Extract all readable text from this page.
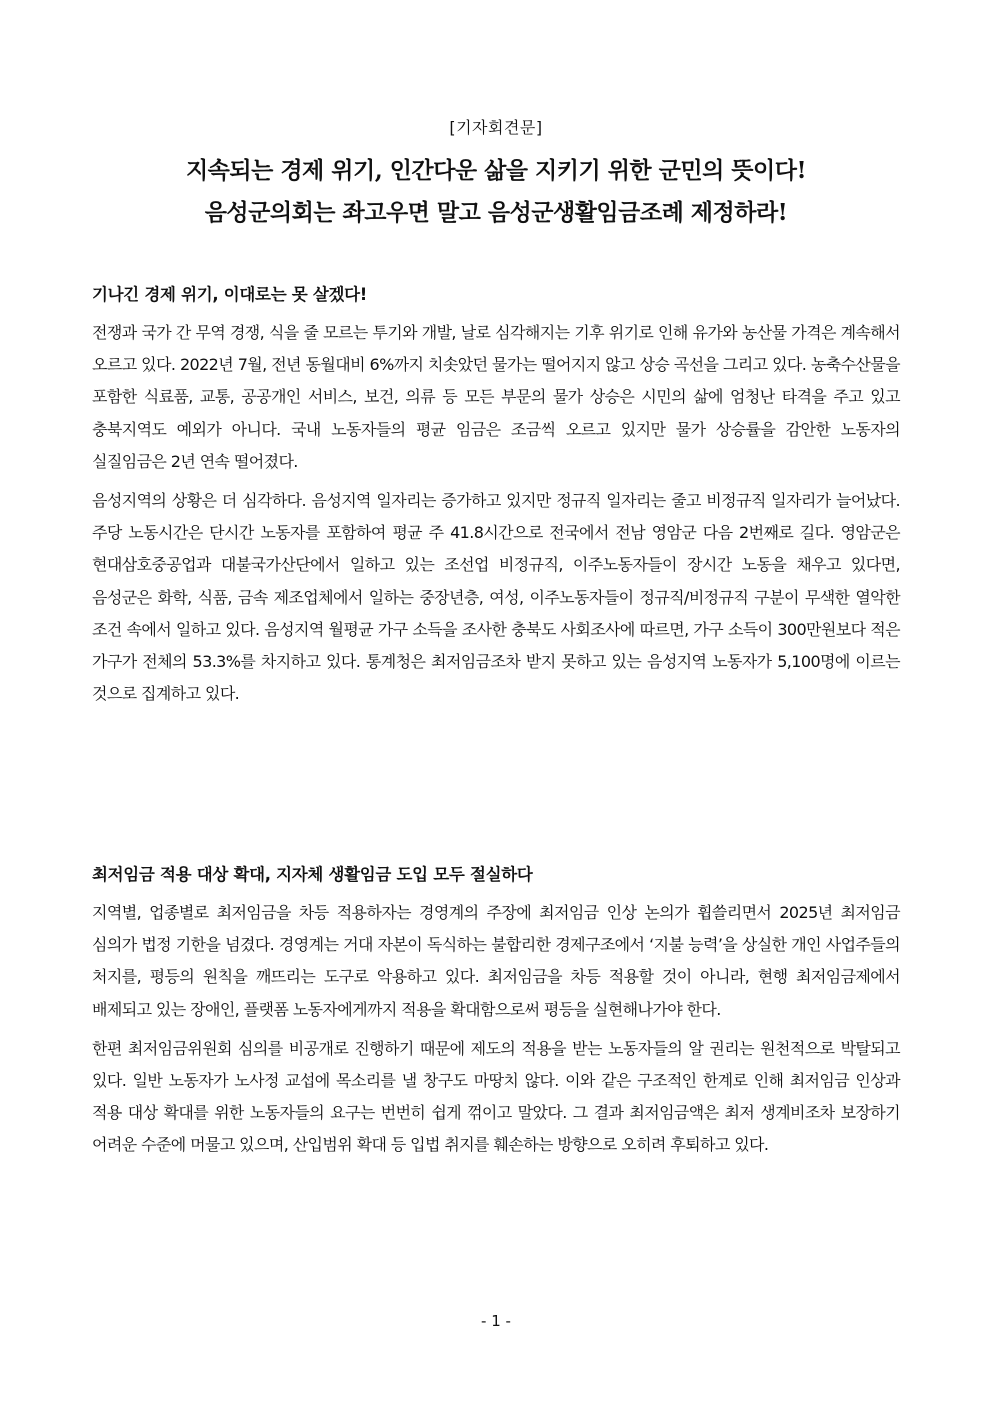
[기자회견문]
지속되는 경제 위기, 인간다운 삶을 지키기 위한 군민의 뜻이다!
음성군의회는 좌고우면 말고 음성군생활임금조례 제정하라!
기나긴 경제 위기, 이대로는 못 살겠다!

전쟁과 국가 간 무역 경쟁, 식을 줄 모르는 투기와 개발, 날로 심각해지는 기후 위기로 인해 유가와 농산물 가격은 계속해서 오르고 있다. 2022년 7월, 전년 동월대비 6%까지 치솟았던 물가는 떨어지지 않고 상승 곡선을 그리고 있다. 농축수산물을 포함한 식료품, 교통, 공공개인 서비스, 보건, 의류 등 모든 부문의 물가 상승은 시민의 삶에 엄청난 타격을 주고 있고 충북지역도 예외가 아니다. 국내 노동자들의 평균 임금은 조금씩 오르고 있지만 물가 상승률을 감안한 노동자의 실질임금은 2년 연속 떨어졌다.

음성지역의 상황은 더 심각하다. 음성지역 일자리는 증가하고 있지만 정규직 일자리는 줄고 비정규직 일자리가 늘어났다. 주당 노동시간은 단시간 노동자를 포함하여 평균 주 41.8시간으로 전국에서 전남 영암군 다음 2번째로 길다. 영암군은 현대삼호중공업과 대불국가산단에서 일하고 있는 조선업 비정규직, 이주노동자들이 장시간 노동을 채우고 있다면, 음성군은 화학, 식품, 금속 제조업체에서 일하는 중장년층, 여성, 이주노동자들이 정규직/비정규직 구분이 무색한 열악한 조건 속에서 일하고 있다. 음성지역 월평균 가구 소득을 조사한 충북도 사회조사에 따르면, 가구 소득이 300만원보다 적은 가구가 전체의 53.3%를 차지하고 있다. 통계청은 최저임금조차 받지 못하고 있는 음성지역 노동자가 5,100명에 이르는 것으로 집계하고 있다.

최저임금 적용 대상 확대, 지자체 생활임금 도입 모두 절실하다

지역별, 업종별로 최저임금을 차등 적용하자는 경영계의 주장에 최저임금 인상 논의가 휩쓸리면서 2025년 최저임금 심의가 법정 기한을 넘겼다. 경영계는 거대 자본이 독식하는 불합리한 경제구조에서 ‘지불 능력’을 상실한 개인 사업주들의 처지를, 평등의 원칙을 깨뜨리는 도구로 악용하고 있다. 최저임금을 차등 적용할 것이 아니라, 현행 최저임금제에서 배제되고 있는 장애인, 플랫폼 노동자에게까지 적용을 확대함으로써 평등을 실현해나가야 한다.

한편 최저임금위원회 심의를 비공개로 진행하기 때문에 제도의 적용을 받는 노동자들의 알 권리는 원천적으로 박탈되고 있다. 일반 노동자가 노사정 교섭에 목소리를 낼 창구도 마땅치 않다. 이와 같은 구조적인 한계로 인해 최저임금 인상과 적용 대상 확대를 위한 노동자들의 요구는 번번히 쉽게 꺾이고 말았다. 그 결과 최저임금액은 최저 생계비조차 보장하기 어려운 수준에 머물고 있으며, 산입범위 확대 등 입법 취지를 훼손하는 방향으로 오히려 후퇴하고 있다.

- 1 -
